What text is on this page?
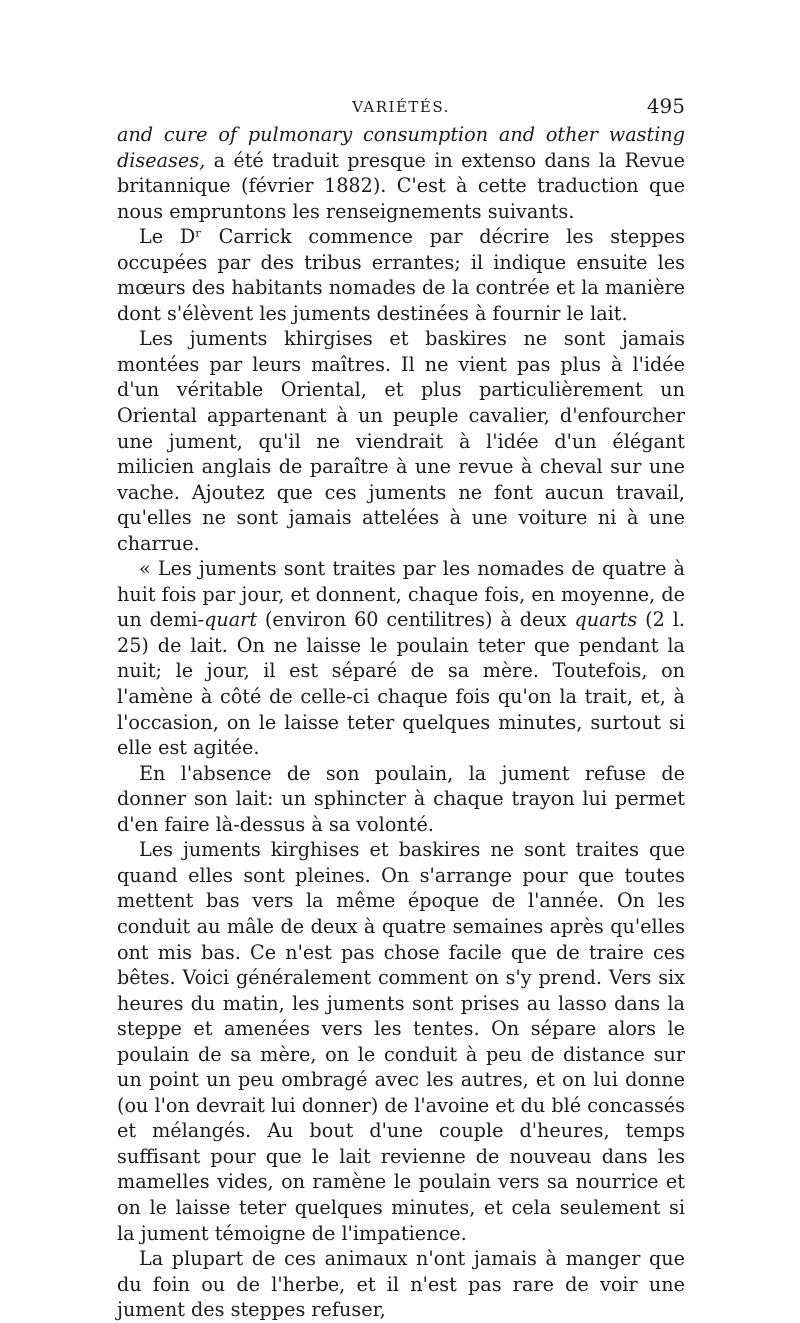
VARIÉTÉS.	495

and cure of pulmonary consumption and other wasting diseases, a été traduit presque in extenso dans la Revue britannique (février 1882). C'est à cette traduction que nous empruntons les renseignements suivants.

Le Dʳ Carrick commence par décrire les steppes occupées par des tribus errantes; il indique ensuite les mœurs des habitants nomades de la contrée et la manière dont s'élèvent les juments destinées à fournir le lait.

Les juments khirgises et baskires ne sont jamais montées par leurs maîtres. Il ne vient pas plus à l'idée d'un véritable Oriental, et plus particulièrement un Oriental appartenant à un peuple cavalier, d'enfourcher une jument, qu'il ne viendrait à l'idée d'un élégant milicien anglais de paraître à une revue à cheval sur une vache. Ajoutez que ces juments ne font aucun travail, qu'elles ne sont jamais attelées à une voiture ni à une charrue.

« Les juments sont traites par les nomades de quatre à huit fois par jour, et donnent, chaque fois, en moyenne, de un demi-quart (environ 60 centilitres) à deux quarts (2 l. 25) de lait. On ne laisse le poulain teter que pendant la nuit; le jour, il est séparé de sa mère. Toutefois, on l'amène à côté de celle-ci chaque fois qu'on la trait, et, à l'occasion, on le laisse teter quelques minutes, surtout si elle est agitée.

En l'absence de son poulain, la jument refuse de donner son lait: un sphincter à chaque trayon lui permet d'en faire là-dessus à sa volonté.

Les juments kirghises et baskires ne sont traites que quand elles sont pleines. On s'arrange pour que toutes mettent bas vers la même époque de l'année. On les conduit au mâle de deux à quatre semaines après qu'elles ont mis bas. Ce n'est pas chose facile que de traire ces bêtes. Voici généralement comment on s'y prend. Vers six heures du matin, les juments sont prises au lasso dans la steppe et amenées vers les tentes. On sépare alors le poulain de sa mère, on le conduit à peu de distance sur un point un peu ombragé avec les autres, et on lui donne (ou l'on devrait lui donner) de l'avoine et du blé concassés et mélangés. Au bout d'une couple d'heures, temps suffisant pour que le lait revienne de nouveau dans les mamelles vides, on ramène le poulain vers sa nourrice et on le laisse teter quelques minutes, et cela seulement si la jument témoigne de l'impatience.

La plupart de ces animaux n'ont jamais à manger que du foin ou de l'herbe, et il n'est pas rare de voir une jument des steppes refuser,
